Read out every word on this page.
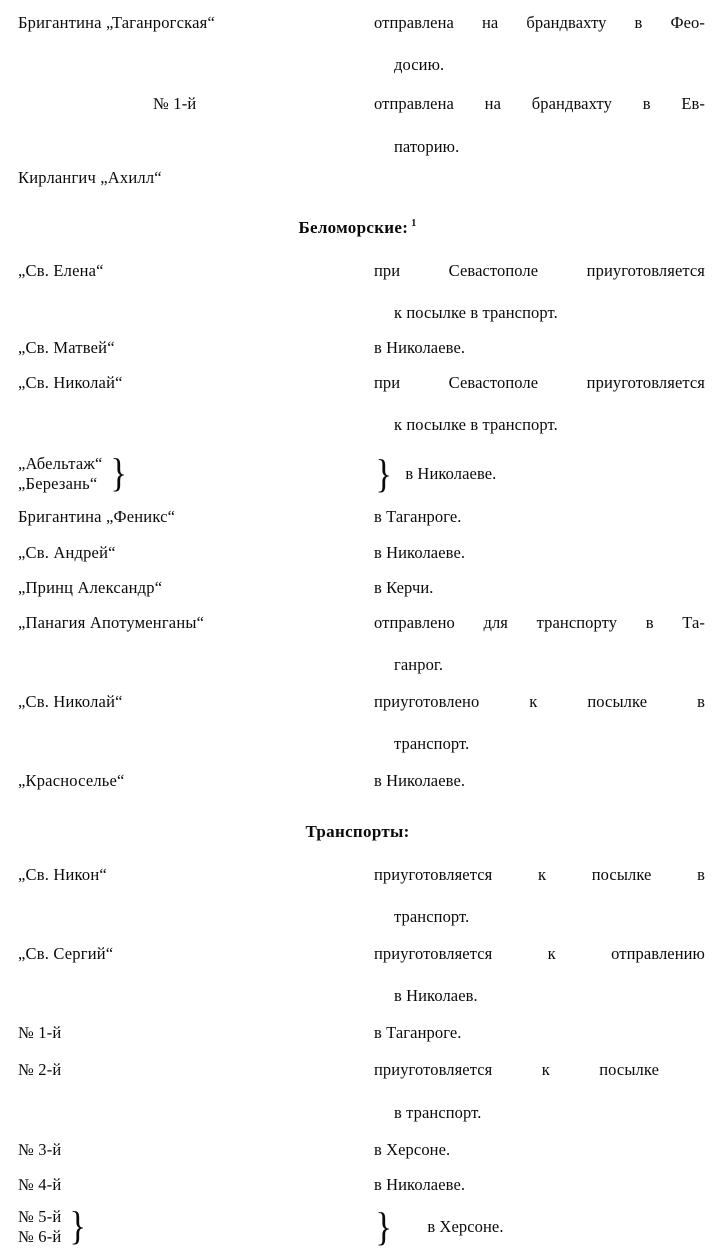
Бригантина „Таганрогская“	отправлена на брандвахту в Фео-
досию.
№ 1-й	отправлена на брандвахту в Ев-
паторию.
Кирлангич „Ахилл“
Беломорские: $^1$
„Св. Елена“	при Севастополе приуготовляется
к посылке в транспорт.
„Св. Матвей“	в Николаеве.
„Св. Николай“	при Севастополе приуготовляется
к посылке в транспорт.
„Абельтаж“
„Березань“ }	} в Николаеве.
Бригантина „Феникс“	в Таганроге.
„Св. Андрей“	в Николаеве.
„Принц Александр“	в Керчи.
„Панагия Апотуменганы“	отправлено для транспорту в Та-
ганрог.
„Св. Николай“	приуготовлено к посылке в
транспорт.
„Красноселье“	в Николаеве.
Транспорты:
„Св. Никон“	приуготовляется к посылке в
транспорт.
„Св. Сергий“	приуготовляется к отправлению
в Николаев.
№ 1-й	в Таганроге.
№ 2-й	приуготовляется к посылке
в транспорт.
№ 3-й	в Херсоне.
№ 4-й	в Николаеве.
№ 5-й
№ 6-й }	} в Херсоне.
